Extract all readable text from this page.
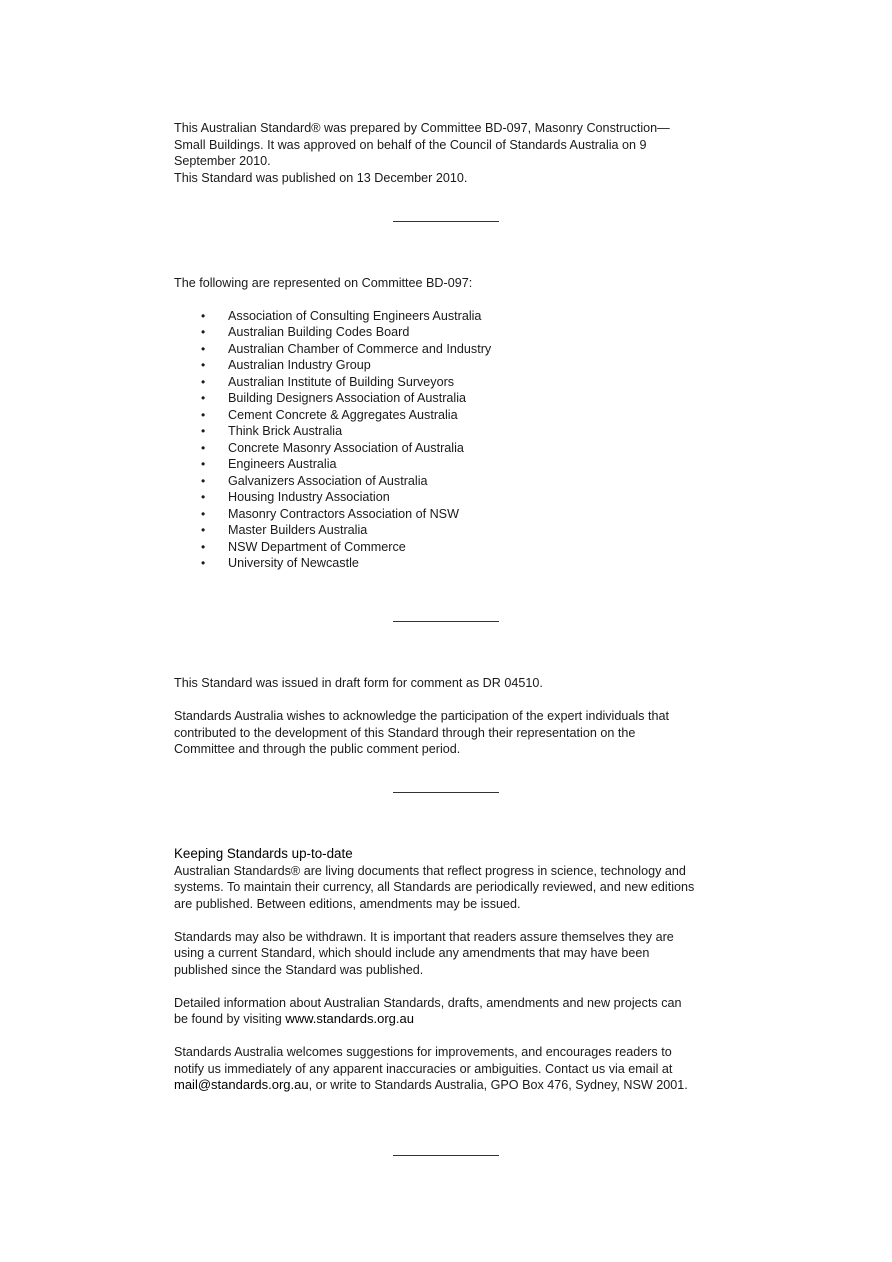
This Australian Standard® was prepared by Committee BD-097, Masonry Construction—

Small Buildings. It was approved on behalf of the Council of Standards Australia on 9

September 2010.

This Standard was published on 13 December 2010.

The following are represented on Committee BD-097:

• Association of Consulting Engineers Australia
• Australian Building Codes Board
• Australian Chamber of Commerce and Industry
• Australian Industry Group
• Australian Institute of Building Surveyors
• Building Designers Association of Australia
• Cement Concrete & Aggregates Australia
• Think Brick Australia
• Concrete Masonry Association of Australia
• Engineers Australia
• Galvanizers Association of Australia
• Housing Industry Association
• Masonry Contractors Association of NSW
• Master Builders Australia
• NSW Department of Commerce
• University of Newcastle

This Standard was issued in draft form for comment as DR 04510.

Standards Australia wishes to acknowledge the participation of the expert individuals that

contributed to the development of this Standard through their representation on the

Committee and through the public comment period.

Keeping Standards up-to-date

Australian Standards® are living documents that reflect progress in science, technology and

systems. To maintain their currency, all Standards are periodically reviewed, and new editions

are published. Between editions, amendments may be issued.

Standards may also be withdrawn. It is important that readers assure themselves they are

using a current Standard, which should include any amendments that may have been

published since the Standard was published.

Detailed information about Australian Standards, drafts, amendments and new projects can

be found by visiting www.standards.org.au

Standards Australia welcomes suggestions for improvements, and encourages readers to

notify us immediately of any apparent inaccuracies or ambiguities. Contact us via email at

mail@standards.org.au, or write to Standards Australia, GPO Box 476, Sydney, NSW 2001.
